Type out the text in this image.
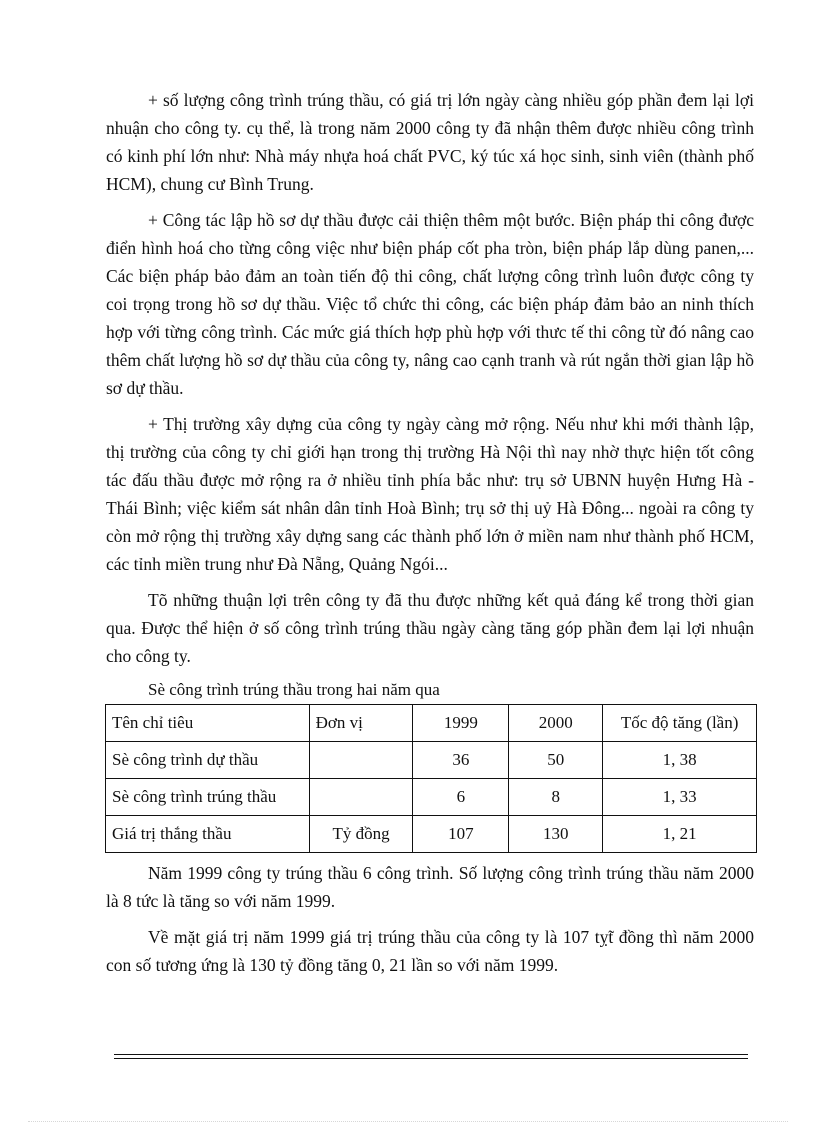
+ số lượng công trình trúng thầu, có giá trị lớn ngày càng nhiều góp phần đem lại lợi nhuận cho công ty. cụ thể, là trong năm 2000 công ty đã nhận thêm được nhiều công trình có kinh phí lớn như: Nhà máy nhựa hoá chất PVC, ký túc xá học sinh, sinh viên (thành phố HCM), chung cư Bình Trung.

+ Công tác lập hồ sơ dự thầu được cải thiện thêm một bước. Biện pháp thi công được điển hình hoá cho từng công việc như biện pháp cốt pha tròn, biện pháp lắp dùng panen,... Các biện pháp bảo đảm an toàn tiến độ thi công, chất lượng công trình luôn được công ty coi trọng trong hồ sơ dự thầu. Việc tổ chức thi công, các biện pháp đảm bảo an ninh thích hợp với từng công trình. Các mức giá thích hợp phù hợp với thưc tế thi công từ đó nâng cao thêm chất lượng hồ sơ dự thầu của công ty, nâng cao cạnh tranh và rút ngắn thời gian lập hồ sơ dự thầu.

+ Thị trường xây dựng của công ty ngày càng mở rộng. Nếu như khi mới thành lập, thị trường của công ty chỉ giới hạn trong thị trường Hà Nội thì nay nhờ thực hiện tốt công tác đấu thầu được mở rộng ra ở nhiều tỉnh phía bắc như: trụ sở UBNN huyện Hưng Hà - Thái Bình; việc kiểm sát nhân dân tỉnh Hoà Bình; trụ sở thị uỷ Hà Đông... ngoài ra công ty còn mở rộng thị trường xây dựng sang các thành phố lớn ở miền nam như thành phố HCM, các tỉnh miền trung như Đà Nẵng, Quảng Ngói...

Tõ những thuận lợi trên công ty đã thu được những kết quả đáng kể trong thời gian qua. Được thể hiện ở số công trình trúng thầu ngày càng tăng góp phần đem lại lợi nhuận cho công ty.

Sè công trình trúng thầu trong hai năm qua
Tên chỉ tiêu	Đơn vị	1999	2000	Tốc độ tăng (lần)
Sè công trình dự thầu		36	50	1, 38
Sè công trình trúng thầu		6	8	1, 33
Giá trị thắng thầu	Tỷ đồng	107	130	1, 21

Năm 1999 công ty trúng thầu 6 công trình. Số lượng công trình trúng thầu năm 2000 là 8 tức là tăng so với năm 1999.

Về mặt giá trị năm 1999 giá trị trúng thầu của công ty là 107 tỵ̃t đồng thì năm 2000 con số tương ứng là 130 tỷ đồng tăng 0, 21 lần so với năm 1999.
